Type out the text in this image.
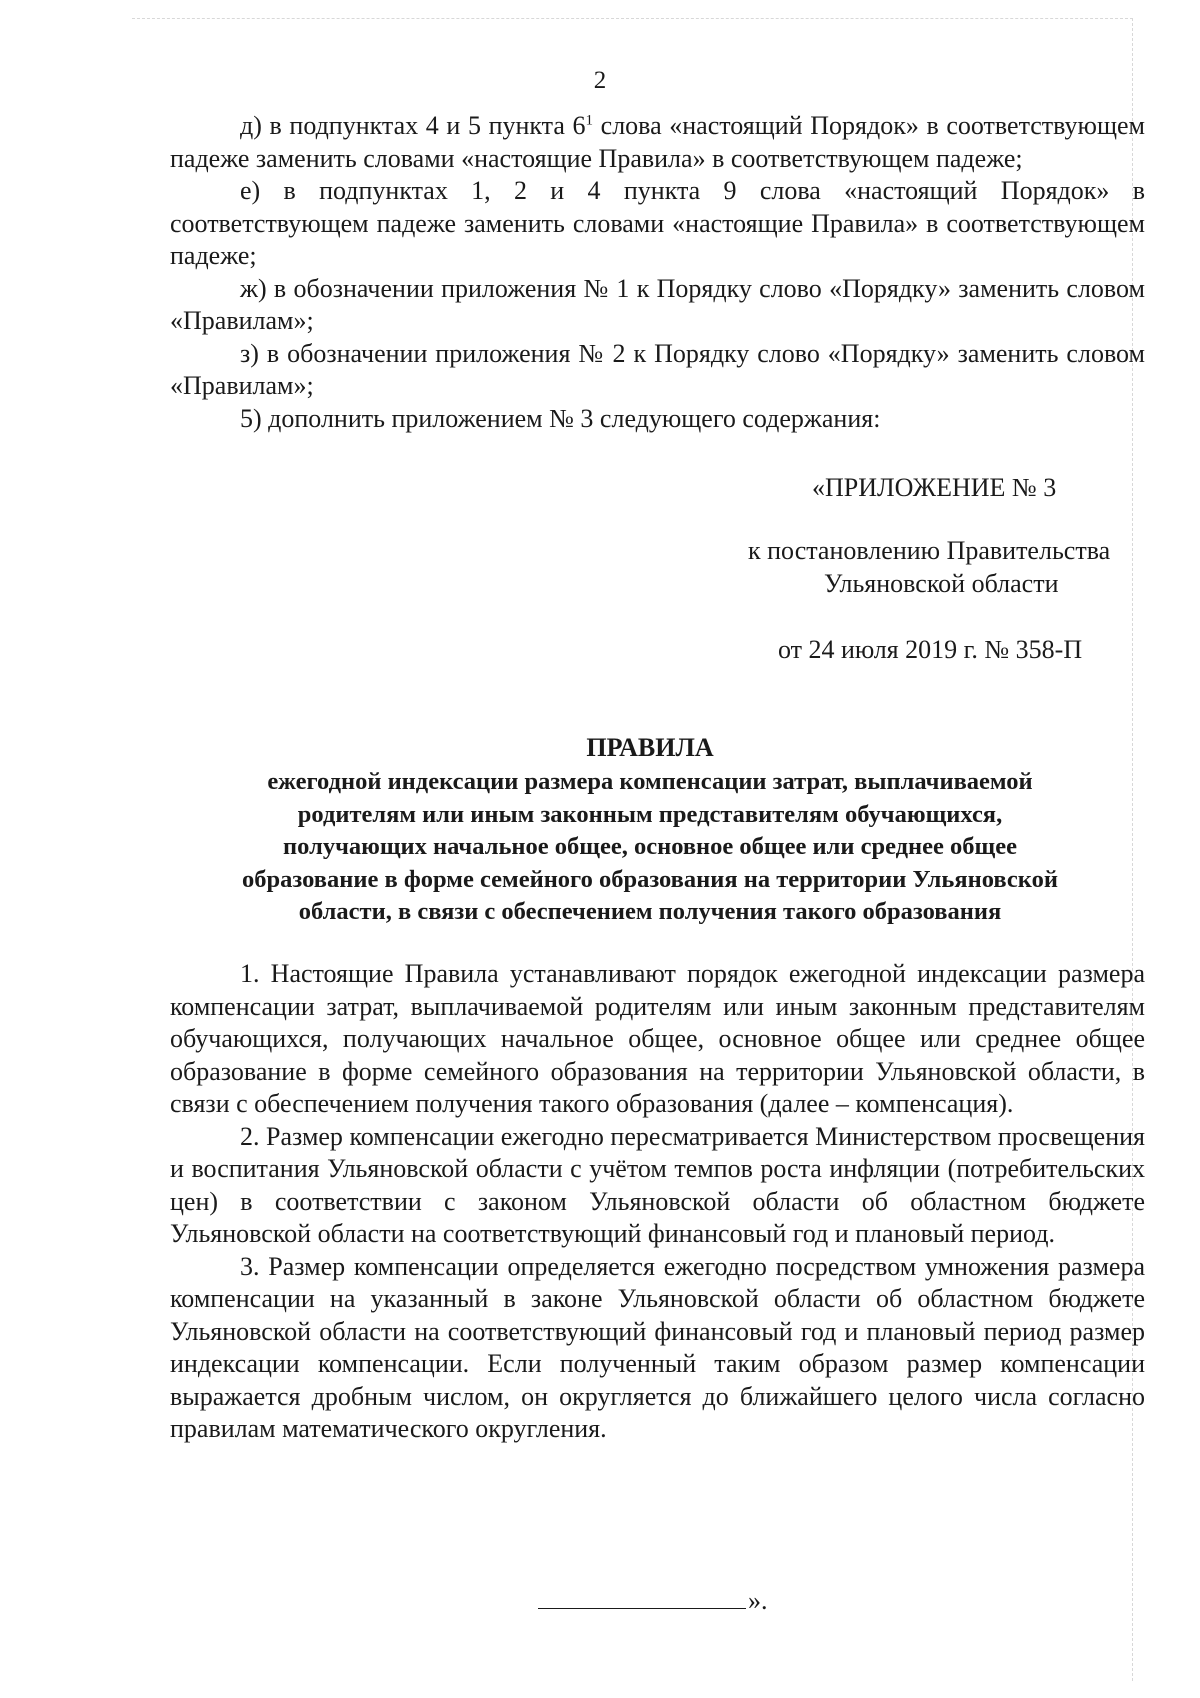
2

д) в подпунктах 4 и 5 пункта $6^1$ слова «настоящий Порядок» в соответствующем падеже заменить словами «настоящие Правила» в соответствующем падеже;

е) в подпунктах 1, 2 и 4 пункта 9 слова «настоящий Порядок» в соответствующем падеже заменить словами «настоящие Правила» в соответствующем падеже;

ж) в обозначении приложения № 1 к Порядку слово «Порядку» заменить словом «Правилам»;

з) в обозначении приложения № 2 к Порядку слово «Порядку» заменить словом «Правилам»;

5) дополнить приложением № 3 следующего содержания:

«ПРИЛОЖЕНИЕ № 3
к постановлению Правительства
Ульяновской области
от 24 июля 2019 г. № 358-П
ПРАВИЛА
ежегодной индексации размера компенсации затрат, выплачиваемой
родителям или иным законным представителям обучающихся,
получающих начальное общее, основное общее или среднее общее
образование в форме семейного образования на территории Ульяновской
области, в связи с обеспечением получения такого образования

1. Настоящие Правила устанавливают порядок ежегодной индексации размера компенсации затрат, выплачиваемой родителям или иным законным представителям обучающихся, получающих начальное общее, основное общее или среднее общее образование в форме семейного образования на территории Ульяновской области, в связи с обеспечением получения такого образования (далее – компенсация).

2. Размер компенсации ежегодно пересматривается Министерством просвещения и воспитания Ульяновской области с учётом темпов роста инфляции (потребительских цен) в соответствии с законом Ульяновской области об областном бюджете Ульяновской области на соответствующий финансовый год и плановый период.

3. Размер компенсации определяется ежегодно посредством умножения размера компенсации на указанный в законе Ульяновской области об областном бюджете Ульяновской области на соответствующий финансовый год и плановый период размер индексации компенсации. Если полученный таким образом размер компенсации выражается дробным числом, он округляется до ближайшего целого числа согласно правилам математического округления.

».
